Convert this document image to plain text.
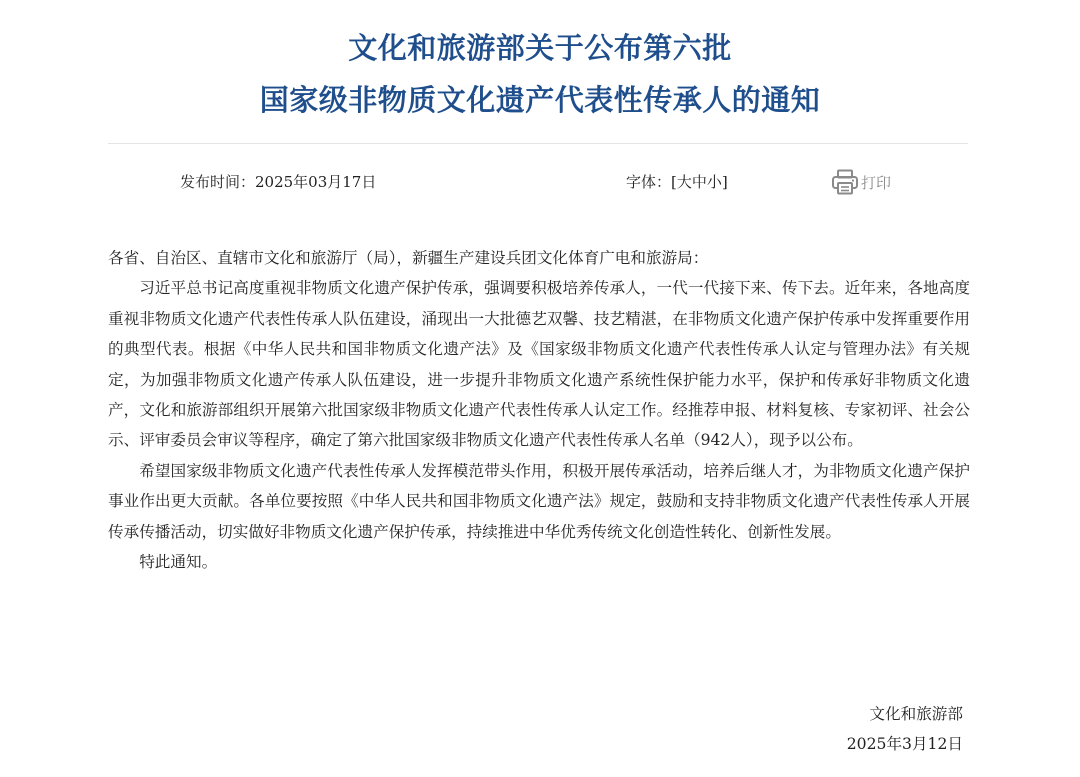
文化和旅游部关于公布第六批
国家级非物质文化遗产代表性传承人的通知
发布时间：2025年03月17日	字体：[大中小]	打印

各省、自治区、直辖市文化和旅游厅（局），新疆生产建设兵团文化体育广电和旅游局：

习近平总书记高度重视非物质文化遗产保护传承，强调要积极培养传承人，一代一代接下来、传下去。近年来，各地高度重视非物质文化遗产代表性传承人队伍建设，涌现出一大批德艺双馨、技艺精湛，在非物质文化遗产保护传承中发挥重要作用的典型代表。根据《中华人民共和国非物质文化遗产法》及《国家级非物质文化遗产代表性传承人认定与管理办法》有关规定，为加强非物质文化遗产传承人队伍建设，进一步提升非物质文化遗产系统性保护能力水平，保护和传承好非物质文化遗产，文化和旅游部组织开展第六批国家级非物质文化遗产代表性传承人认定工作。经推荐申报、材料复核、专家初评、社会公示、评审委员会审议等程序，确定了第六批国家级非物质文化遗产代表性传承人名单（942人），现予以公布。

希望国家级非物质文化遗产代表性传承人发挥模范带头作用，积极开展传承活动，培养后继人才，为非物质文化遗产保护事业作出更大贡献。各单位要按照《中华人民共和国非物质文化遗产法》规定，鼓励和支持非物质文化遗产代表性传承人开展传承传播活动，切实做好非物质文化遗产保护传承，持续推进中华优秀传统文化创造性转化、创新性发展。

特此通知。

文化和旅游部
2025年3月12日
